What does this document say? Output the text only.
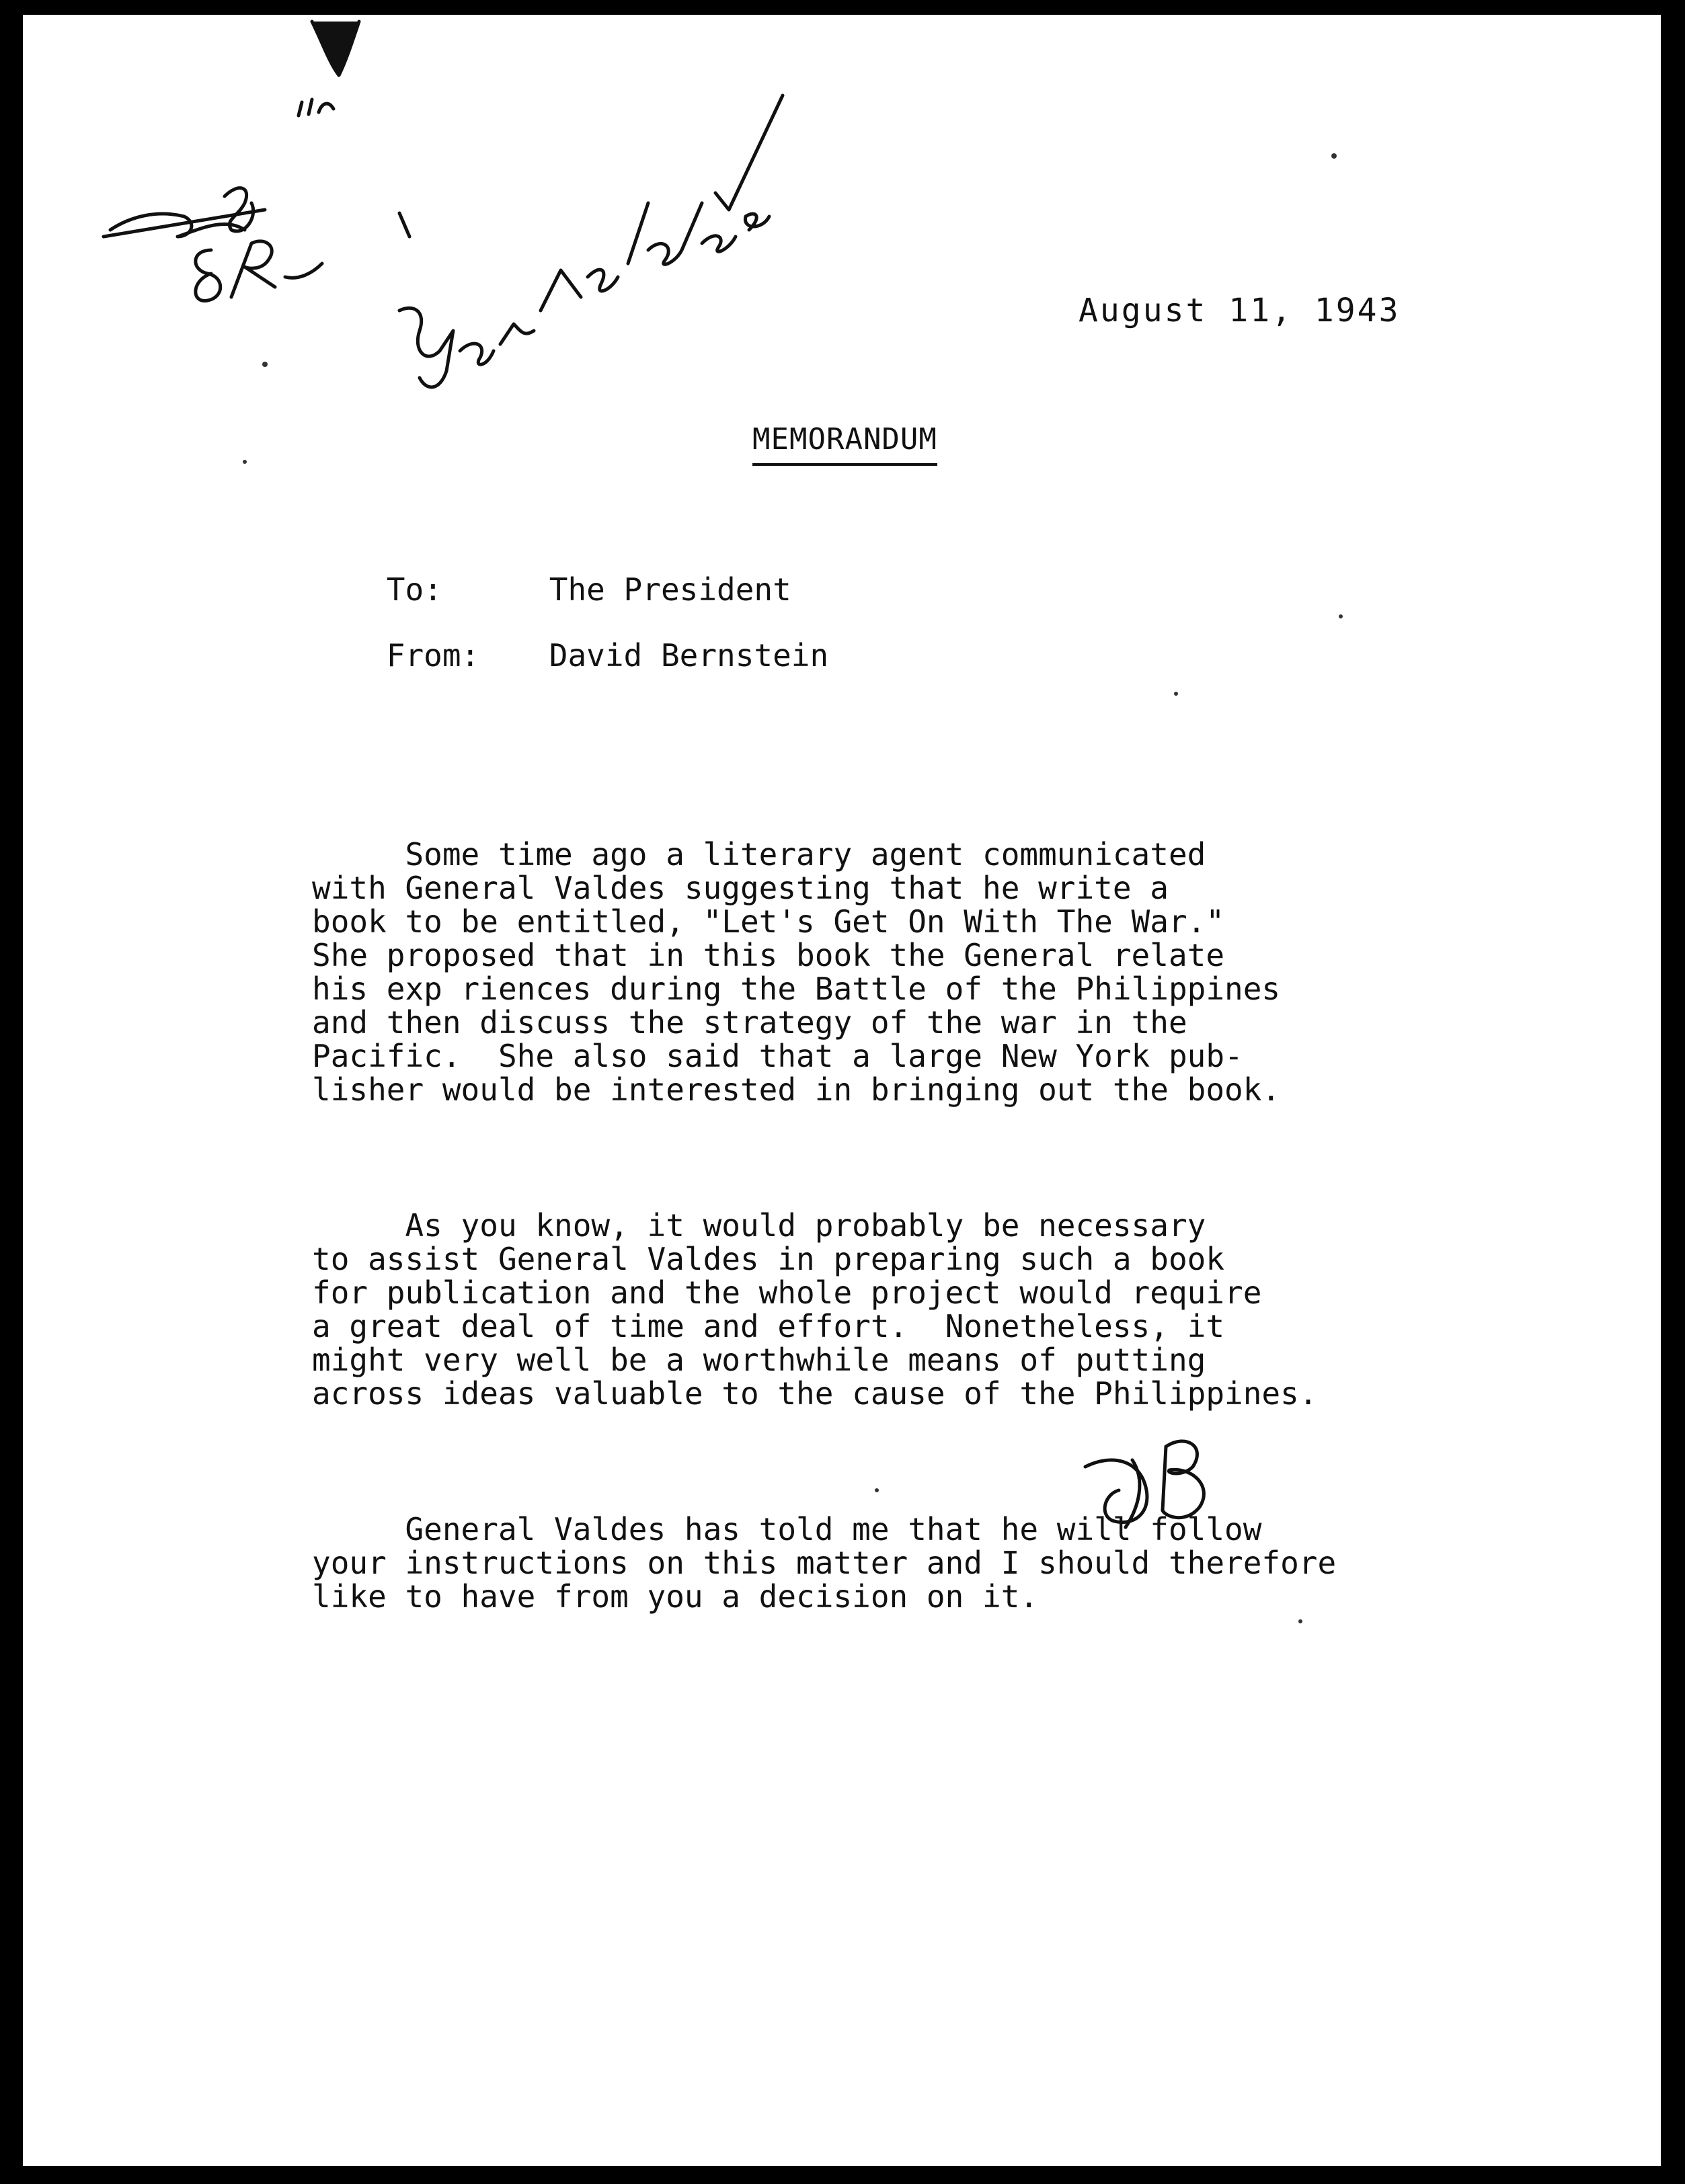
August 11, 1943
MEMORANDUM

To:	The President

From: David Bernstein

Some time ago a literary agent communicated

with General Valdes suggesting that he write a

book to be entitled, "Let's Get On With The War."

She proposed that in this book the General relate

his exp riences during the Battle of the Philippines

and then discuss the strategy of the war in the

Pacific.  She also said that a large New York pub-

lisher would be interested in bringing out the book.

As you know, it would probably be necessary

to assist General Valdes in preparing such a book

for publication and the whole project would require

a great deal of time and effort.  Nonetheless, it

might very well be a worthwhile means of putting

across ideas valuable to the cause of the Philippines.

General Valdes has told me that he will follow

your instructions on this matter and I should therefore

like to have from you a decision on it.
